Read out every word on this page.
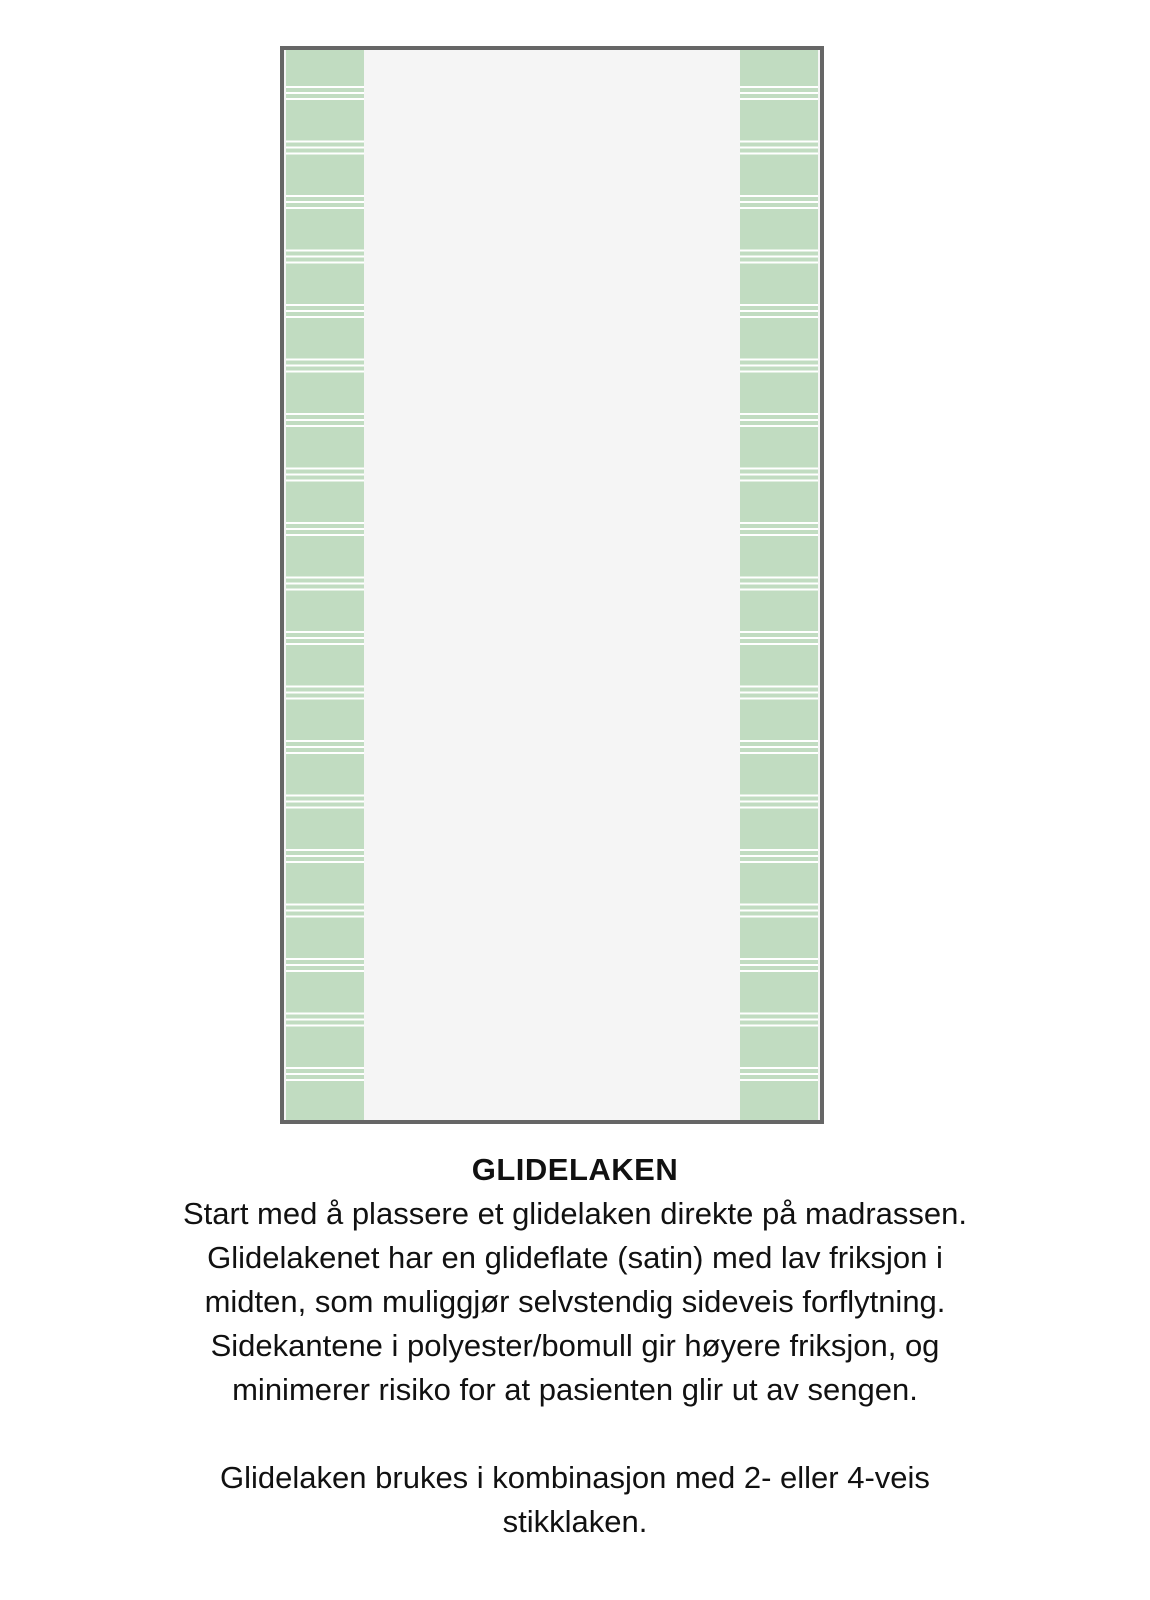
GLIDELAKEN

Start med å plassere et glidelaken direkte på madrassen.
Glidelakenet har en glideflate (satin) med lav friksjon i
midten, som muliggjør selvstendig sideveis forflytning.
Sidekantene i polyester/bomull gir høyere friksjon, og
minimerer risiko for at pasienten glir ut av sengen.

Glidelaken brukes i kombinasjon med 2- eller 4-veis
stikklaken.
